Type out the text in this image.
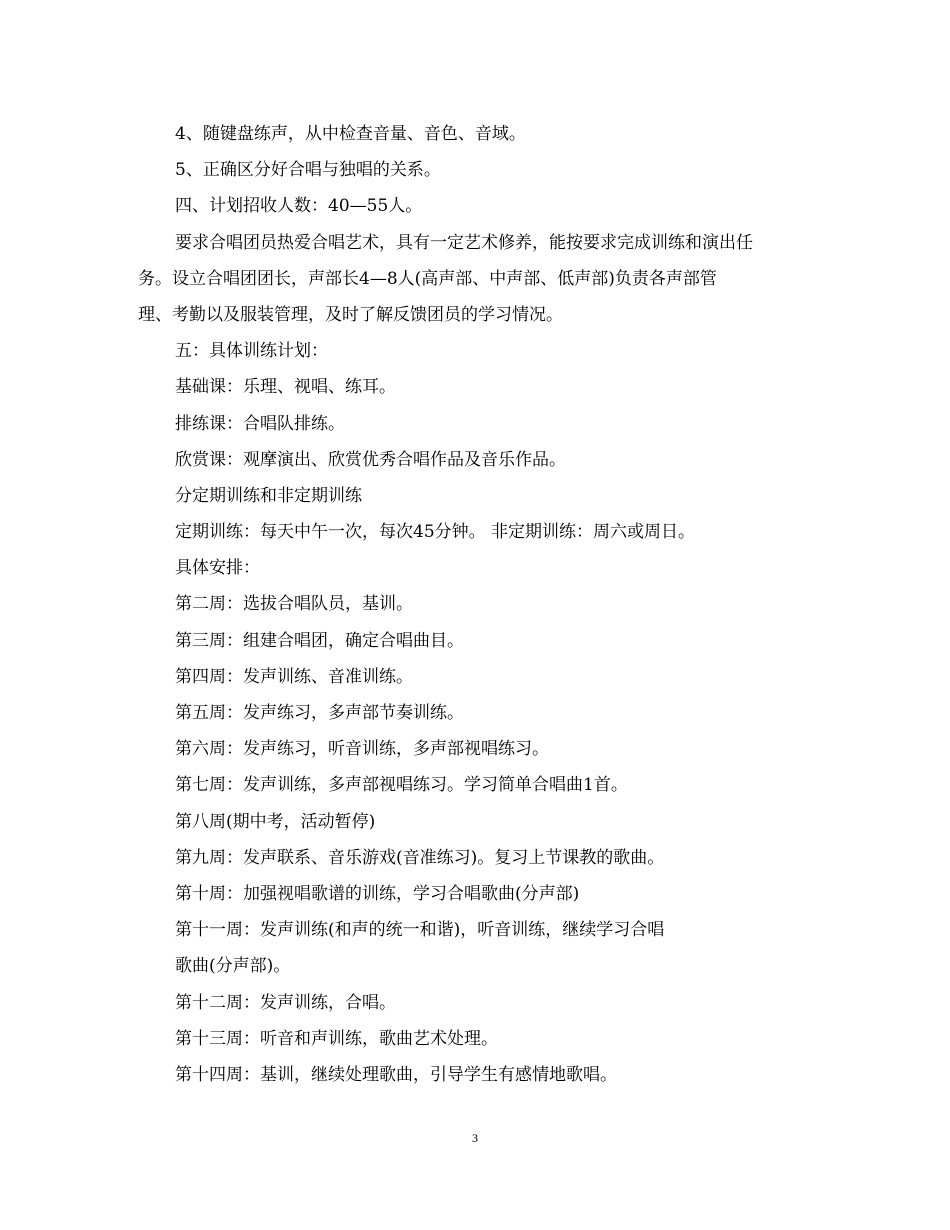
4、随键盘练声，从中检查音量、音色、音域。
5、正确区分好合唱与独唱的关系。
四、计划招收人数：40—55人。
要求合唱团员热爱合唱艺术，具有一定艺术修养，能按要求完成训练和演出任
务。设立合唱团团长，声部长4—8人(高声部、中声部、低声部)负责各声部管
理、考勤以及服装管理，及时了解反馈团员的学习情况。
五：具体训练计划：
基础课：乐理、视唱、练耳。
排练课：合唱队排练。
欣赏课：观摩演出、欣赏优秀合唱作品及音乐作品。
分定期训练和非定期训练
定期训练：每天中午一次，每次45分钟。 非定期训练：周六或周日。
具体安排：
第二周：选拔合唱队员，基训。
第三周：组建合唱团，确定合唱曲目。
第四周：发声训练、音准训练。
第五周：发声练习，多声部节奏训练。
第六周：发声练习，听音训练，多声部视唱练习。
第七周：发声训练，多声部视唱练习。学习简单合唱曲1首。
第八周(期中考，活动暂停)
第九周：发声联系、音乐游戏(音准练习)。复习上节课教的歌曲。
第十周：加强视唱歌谱的训练，学习合唱歌曲(分声部)
第十一周：发声训练(和声的统一和谐)，听音训练，继续学习合唱
歌曲(分声部)。
第十二周：发声训练，合唱。
第十三周：听音和声训练，歌曲艺术处理。
第十四周：基训，继续处理歌曲，引导学生有感情地歌唱。
3
